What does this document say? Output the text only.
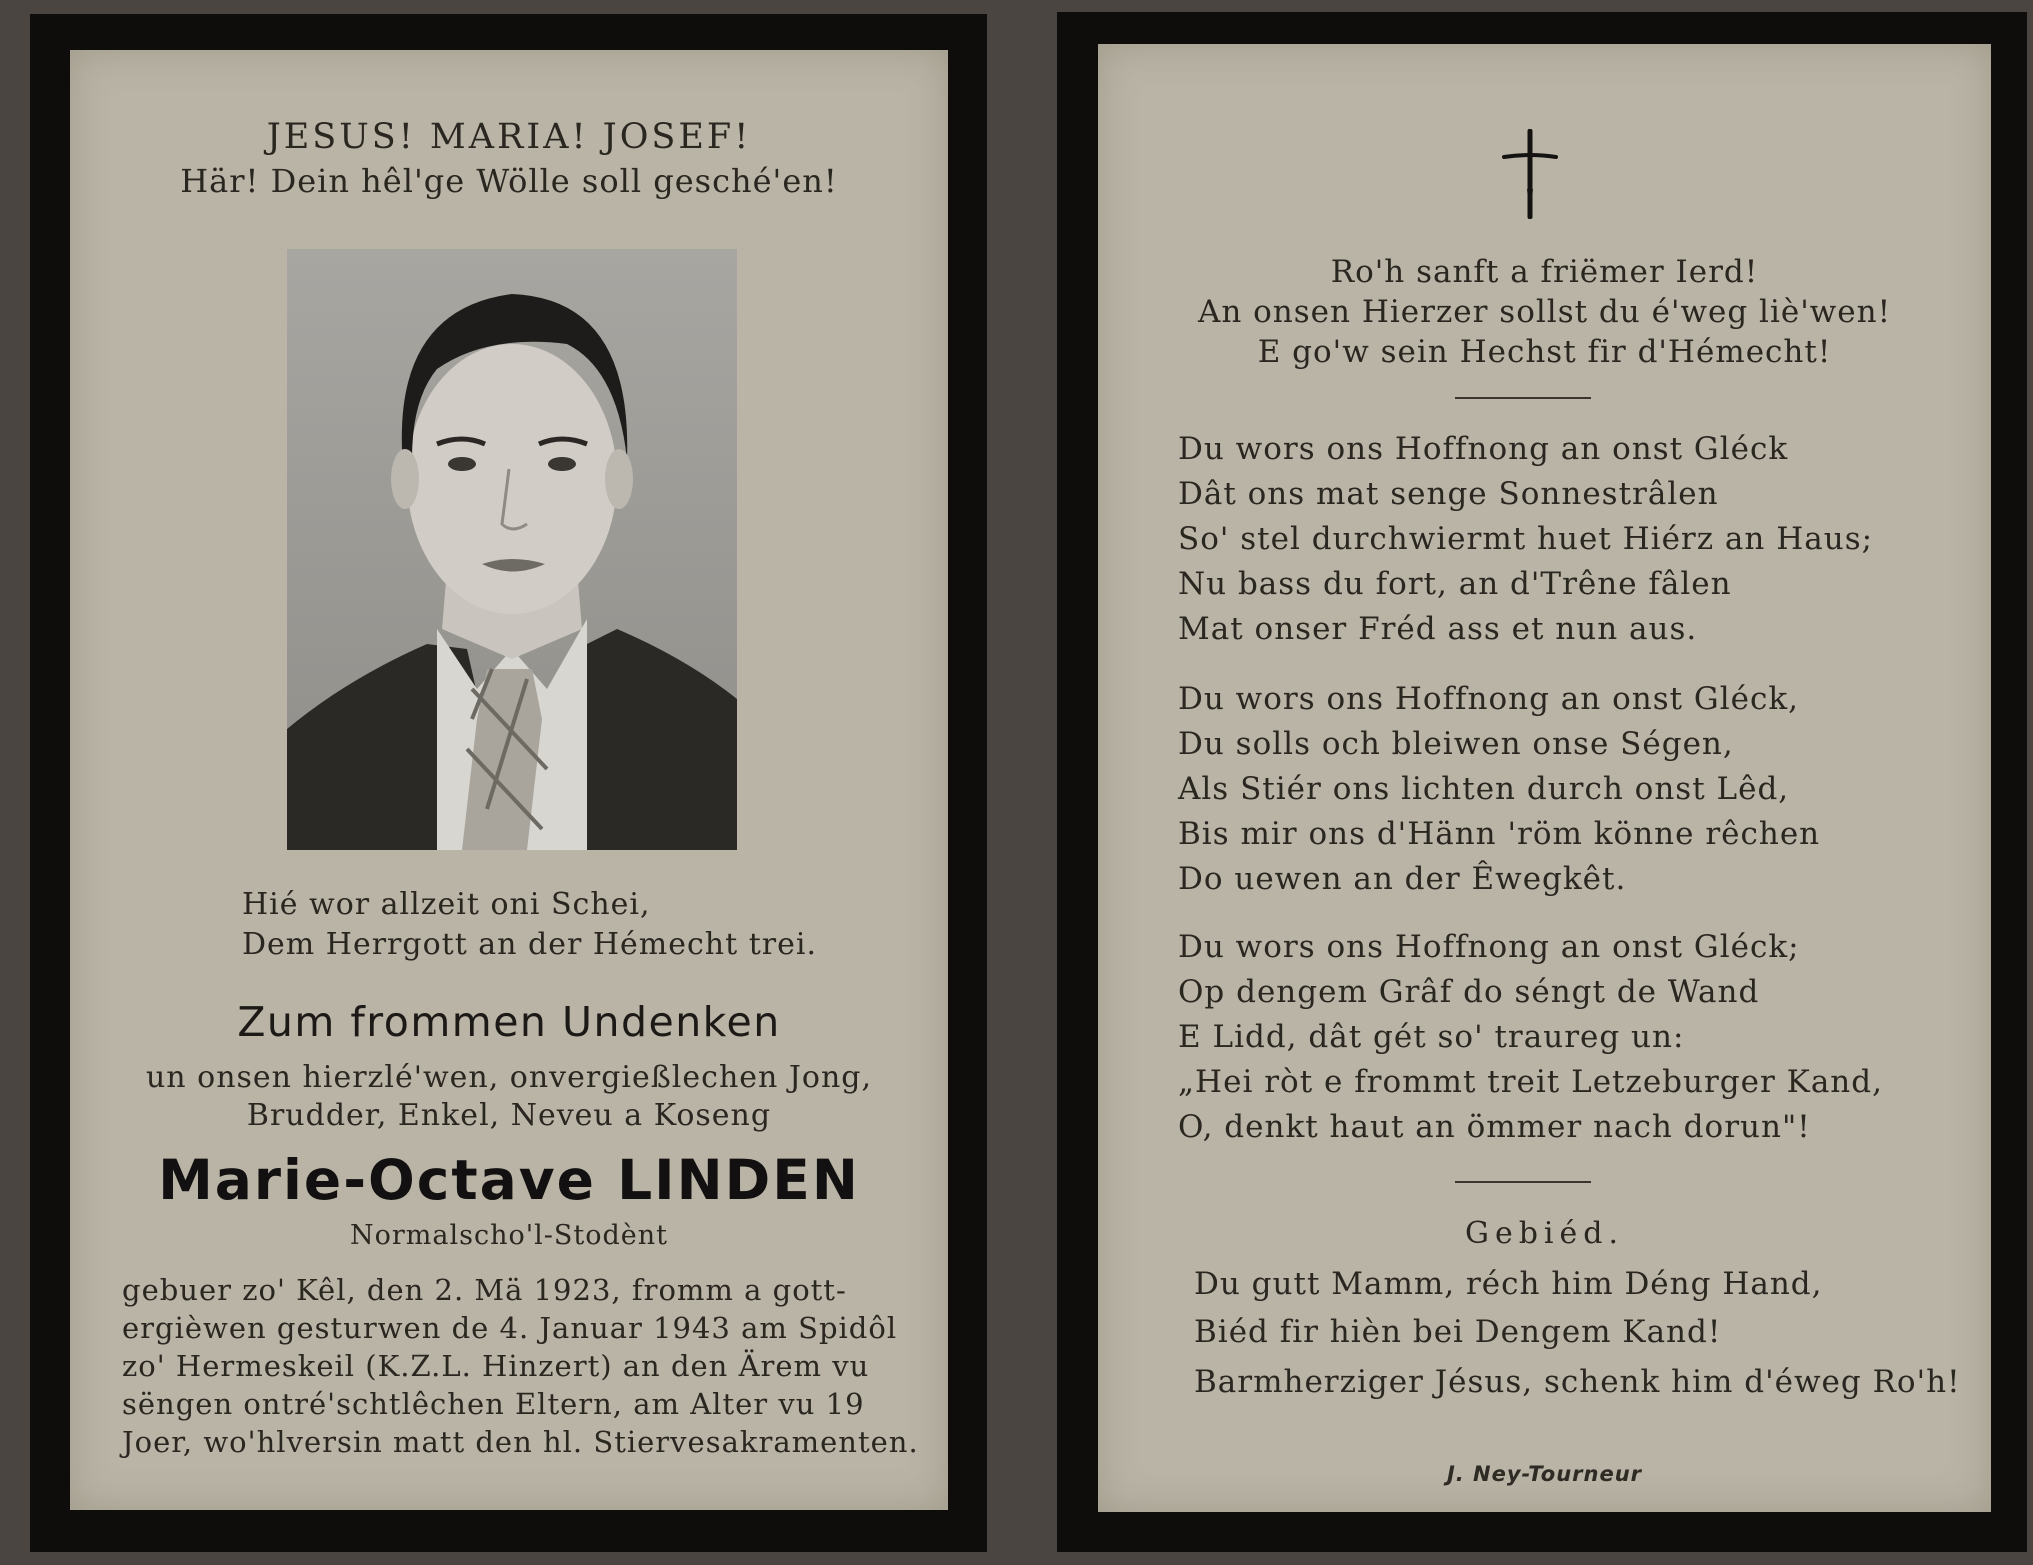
JESUS! MARIA! JOSEF!
Här! Dein hêl'ge Wölle soll gesché'en!
Hié wor allzeit oni Schei,
Dem Herrgott an der Hémecht trei.
Zum frommen Undenken
un onsen hierzlé'wen, onvergießlechen Jong,
Brudder, Enkel, Neveu a Koseng
Marie-Octave LINDEN
Normalscho'l-Stodènt
gebuer zo' Kêl, den 2. Mä 1923, fromm a gott-
ergièwen gesturwen de 4. Januar 1943 am Spidôl
zo' Hermeskeil (K.Z.L. Hinzert) an den Ärem vu
sëngen ontré'schtlêchen Eltern, am Alter vu 19
Joer, wo'hlversin matt den hl. Stiervesakramenten.
Ro'h sanft a friëmer Ierd!
An onsen Hierzer sollst du é'weg liè'wen!
E go'w sein Hechst fir d'Hémecht!
Du wors ons Hoffnong an onst Gléck
Dât ons mat senge Sonnestrâlen
So' stel durchwiermt huet Hiérz an Haus;
Nu bass du fort, an d'Trêne fâlen
Mat onser Fréd ass et nun aus.
Du wors ons Hoffnong an onst Gléck,
Du solls och bleiwen onse Ségen,
Als Stiér ons lichten durch onst Lêd,
Bis mir ons d'Hänn 'röm könne rêchen
Do uewen an der Êwegkêt.
Du wors ons Hoffnong an onst Gléck;
Op dengem Grâf do séngt de Wand
E Lidd, dât gét so' traureg un:
„Hei ròt e frommt treit Letzeburger Kand,
O, denkt haut an ömmer nach dorun"!
Gebiéd.
Du gutt Mamm, réch him Déng Hand,
Biéd fir hièn bei Dengem Kand!
Barmherziger Jésus, schenk him d'éweg Ro'h!
J. Ney-Tourneur
